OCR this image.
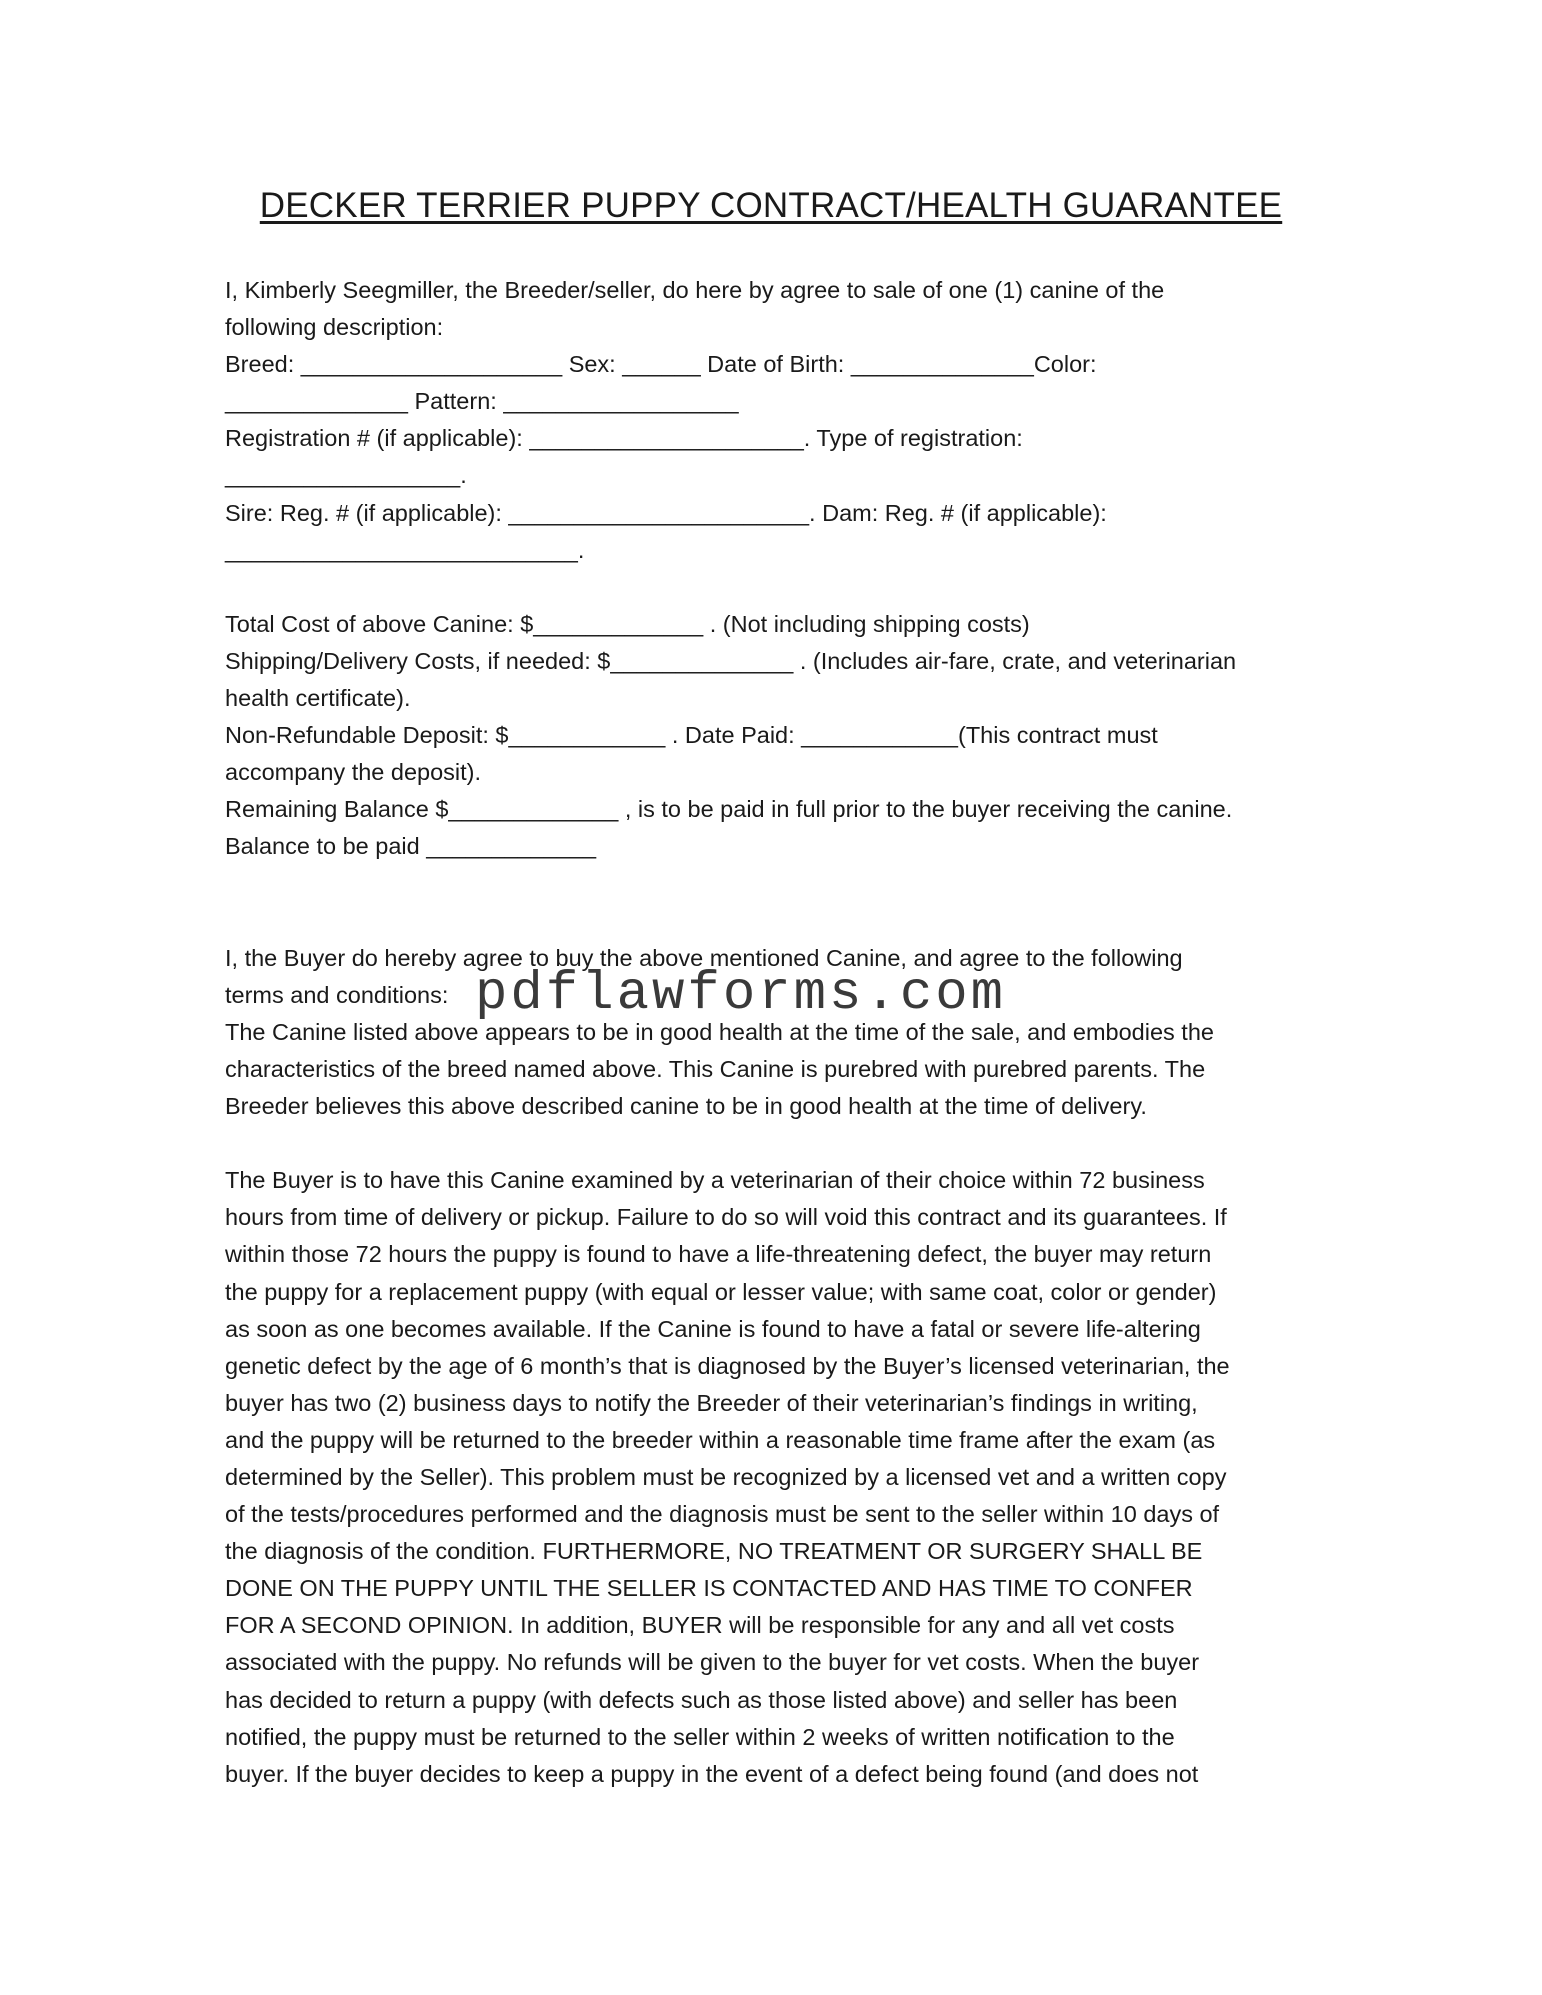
DECKER TERRIER PUPPY CONTRACT/HEALTH GUARANTEE
I, Kimberly Seegmiller, the Breeder/seller, do here by agree to sale of one (1) canine of the
following description:
Breed: ____________________ Sex: ______ Date of Birth: ______________Color:
______________ Pattern: __________________
Registration # (if applicable): _____________________. Type of registration:
__________________.
Sire: Reg. # (if applicable): _______________________. Dam: Reg. # (if applicable):
___________________________.
Total Cost of above Canine: $_____________ . (Not including shipping costs)
Shipping/Delivery Costs, if needed: $______________ . (Includes air-fare, crate, and veterinarian
health certificate).
Non-Refundable Deposit: $____________ . Date Paid: ____________(This contract must
accompany the deposit).
Remaining Balance $_____________ , is to be paid in full prior to the buyer receiving the canine.
Balance to be paid _____________
I, the Buyer do hereby agree to buy the above mentioned Canine, and agree to the following
terms and conditions:
The Canine listed above appears to be in good health at the time of the sale, and embodies the
characteristics of the breed named above. This Canine is purebred with purebred parents. The
Breeder believes this above described canine to be in good health at the time of delivery.
The Buyer is to have this Canine examined by a veterinarian of their choice within 72 business
hours from time of delivery or pickup. Failure to do so will void this contract and its guarantees. If
within those 72 hours the puppy is found to have a life-threatening defect, the buyer may return
the puppy for a replacement puppy (with equal or lesser value; with same coat, color or gender)
as soon as one becomes available. If the Canine is found to have a fatal or severe life-altering
genetic defect by the age of 6 month’s that is diagnosed by the Buyer’s licensed veterinarian, the
buyer has two (2) business days to notify the Breeder of their veterinarian’s findings in writing,
and the puppy will be returned to the breeder within a reasonable time frame after the exam (as
determined by the Seller). This problem must be recognized by a licensed vet and a written copy
of the tests/procedures performed and the diagnosis must be sent to the seller within 10 days of
the diagnosis of the condition. FURTHERMORE, NO TREATMENT OR SURGERY SHALL BE
DONE ON THE PUPPY UNTIL THE SELLER IS CONTACTED AND HAS TIME TO CONFER
FOR A SECOND OPINION. In addition, BUYER will be responsible for any and all vet costs
associated with the puppy. No refunds will be given to the buyer for vet costs. When the buyer
has decided to return a puppy (with defects such as those listed above) and seller has been
notified, the puppy must be returned to the seller within 2 weeks of written notification to the
buyer. If the buyer decides to keep a puppy in the event of a defect being found (and does not
pdflawforms.com
